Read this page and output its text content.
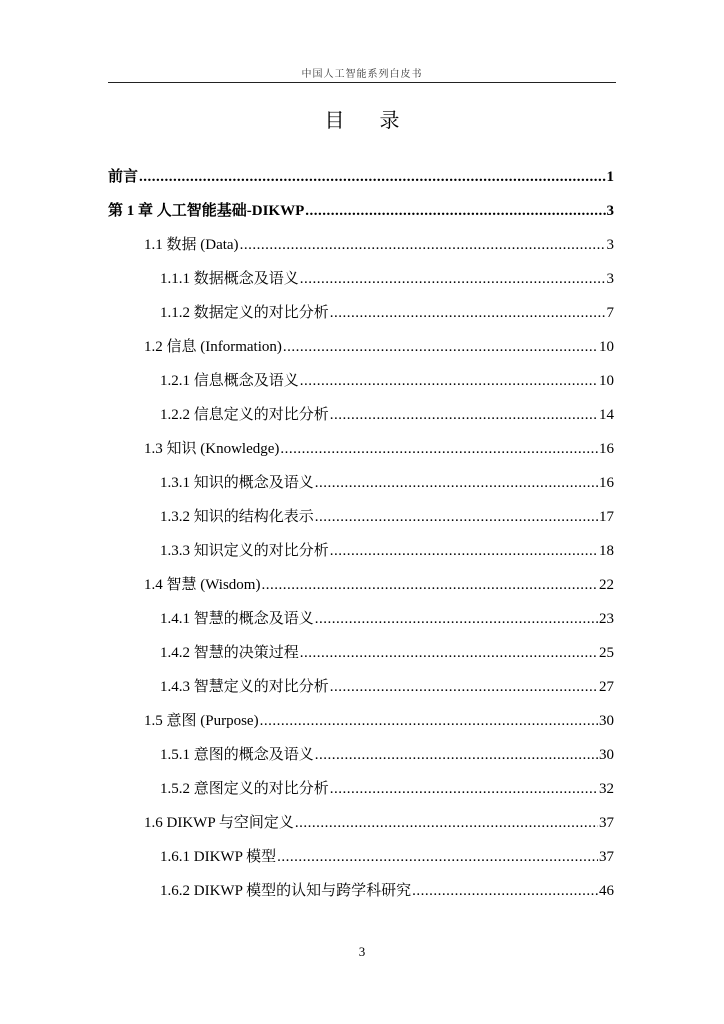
中国人工智能系列白皮书
目 录
前言 .....	1
第 1 章 人工智能基础-DIKWP .....	3
1.1 数据 (Data) .....	3
1.1.1 数据概念及语义 .....	3
1.1.2 数据定义的对比分析 .....	7
1.2 信息 (Information) .....	10
1.2.1 信息概念及语义 .....	10
1.2.2 信息定义的对比分析 .....	14
1.3 知识 (Knowledge) .....	16
1.3.1 知识的概念及语义 .....	16
1.3.2 知识的结构化表示 .....	17
1.3.3 知识定义的对比分析 .....	18
1.4 智慧 (Wisdom) .....	22
1.4.1 智慧的概念及语义 .....	23
1.4.2 智慧的决策过程 .....	25
1.4.3 智慧定义的对比分析 .....	27
1.5 意图 (Purpose) .....	30
1.5.1 意图的概念及语义 .....	30
1.5.2 意图定义的对比分析 .....	32
1.6 DIKWP 与空间定义 .....	37
1.6.1 DIKWP 模型 .....	37
1.6.2 DIKWP 模型的认知与跨学科研究 .....	46
3
